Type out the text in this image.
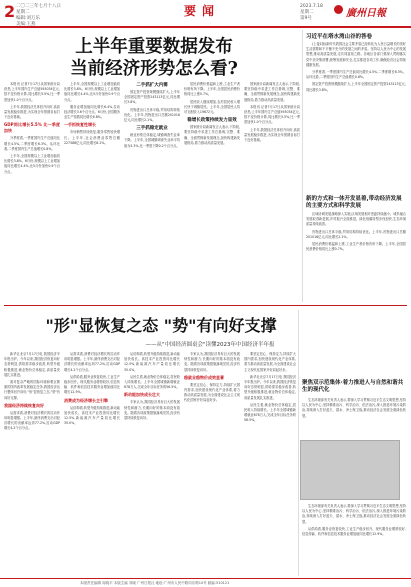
2 二〇二三年七月十八日
星期二
编辑:刘万乐
美编:王燕
要闻	2023.7.18
星期二
第9号	廣州日報
上半年重要数据发布
当前经济形势怎么看?

本报讯 记者7月17日从国家统计局获悉,上半年国内生产总值593034亿元,按不变价格计算,同比增长5.5%,比一季度加快1.0个百分点。

上半年,我国经济总体回升向好,高质量发展稳步推进,为实现全年预期目标打下良好基础。

GDP同比增长5.5% 比一季度加快

分季度看,一季度国内生产总值同比增长4.5%,二季度增长6.3%。从环比看,二季度国内生产总值增长0.8%。

上半年,全国规模以上工业增加值同比增长3.8%。6月份,规模以上工业增加值同比增长4.4%,比5月份加快0.9个百分点。

上半年,全国规模以上工业增加值同比增长3.8%。6月份,规模以上工业增加值同比增长4.4%,比5月份加快0.9个百分点。

服务业增加值同比增长6.4%,拉动经济增长3.6个百分点。6月份,全国服务业生产指数同比增长6.8%。

一手抓恢复性增长

市场销售持续恢复,服务零售较快增长。上半年,社会消费品零售总额227588亿元,同比增长8.2%。

二手抓扩大内需

固定资产投资规模继续扩大,上半年全国固定资产投资243113亿元,同比增长3.8%。

货物进出口总体平稳,贸易结构持续优化。上半年,货物进出口总额201016亿元,同比增长2.1%。

三手抓稳定就业

就业形势总体稳定,城镇调查失业率下降。上半年,全国城镇调查失业率平均值为5.3%,比一季度下降0.2个百分点。

居民消费价格温和上涨,工业生产者价格有所下降。上半年,全国居民消费价格同比上涨0.7%。

居民收入继续增加,农村居民收入增长快于城镇居民。上半年,全国居民人均可支配收入19672元。

稳增长政策持续发力显效

国家统计局新闻发言人表示,下阶段,要坚持稳中求进工作总基调,完整、准确、全面贯彻新发展理念,加快构建新发展格局,着力推动高质量发展。

国家统计局新闻发言人表示,下阶段,要坚持稳中求进工作总基调,完整、准确、全面贯彻新发展理念,加快构建新发展格局,着力推动高质量发展。

本报讯 记者7月17日从国家统计局获悉,上半年国内生产总值593034亿元,按不变价格计算,同比增长5.5%,比一季度加快1.0个百分点。

上半年,我国经济总体回升向好,高质量发展稳步推进,为实现全年预期目标打下良好基础。

习近平在塔水湾山谷的答卷

(上接1版)新时代我国社会主要矛盾已经转化为人民日益增长的美好生活需要和不平衡不充分的发展之间的矛盾。坚持以人民为中心的发展思想,推动高质量发展,走共同富裕之路。各地区各部门要深入贯彻落实党中央决策部署,统筹发展和安全,扎实推进各项工作,确保经济社会持续健康发展。

分季度看,一季度国内生产总值同比增长4.5%,二季度增长6.3%。从环比看,二季度国内生产总值增长0.8%。

固定资产投资规模继续扩大,上半年全国固定资产投资243113亿元,同比增长3.8%。

新的方式和一体开发显着,带动经济发展的主要方式和科学发展

区域协调发展战略深入实施,区域发展相对差距持续缩小。城乡融合发展取得新进展,乡村振兴全面推进。绿色低碳转型步伐加快,生态环境质量持续改善。

货物进出口总体平稳,贸易结构持续优化。上半年,货物进出口总额201016亿元,同比增长2.1%。

居民消费价格温和上涨,工业生产者价格有所下降。上半年,全国居民消费价格同比上涨0.7%。

"形"显恢复之态 "势"有向好支撑
——从"中国经济圆桌会"读懂2023年中国经济半年报

新华社北京7月17日电 我国经济半年报出炉。今年以来,我国经济恢复向好态势明显,供给需求稳步改善,转型升级积极推进,就业物价总体稳定,高质量发展扎实推进。

面对复杂严峻的国际环境和艰巨繁重的国内改革发展稳定任务,我国经济运行整体回升向好,"形"显恢复之态,"势"有向好支撑。

我国经济持续恢复向好

从需求看,消费对经济增长的拉动作用明显增强。上半年,最终消费支出对经济增长的贡献率达到77.2%,拉动GDP增长4.2个百分点。

从需求看,消费对经济增长的拉动作用明显增强。上半年,最终消费支出对经济增长的贡献率达到77.2%,拉动GDP增长4.2个百分点。

从供给看,服务业恢复较快,工业生产稳步回升。现代服务业增势较好,信息传输、软件和信息技术服务业增加值同比增长12.9%。

消费成为经济增长主引擎

从结构看,转型升级持续推进,新动能加快成长。高技术产业投资同比增长12.5%,新能源汽车产量同比增长35.0%。

从结构看,转型升级持续推进,新动能加快成长。高技术产业投资同比增长12.5%,新能源汽车产量同比增长35.0%。

从民生看,就业物价总体稳定,居民收入持续增长。上半年全国城镇新增就业678万人,完成全年目标任务的56.5%。

新动能加快成长壮大

专家认为,我国经济具有巨大的发展韧性和潜力,长期向好的基本面没有改变。随着各项政策措施落地见效,经济有望持续恢复向好。

专家认为,我国经济具有巨大的发展韧性和潜力,长期向好的基本面没有改变。随着各项政策措施落地见效,经济有望持续恢复向好。

稳就业稳物价成效显著

要坚定信心、保持定力,持续扩大国内需求,加快建设现代化产业体系,着力推动高质量发展,为全面建设社会主义现代化国家开好局起好步。

要坚定信心、保持定力,持续扩大国内需求,加快建设现代化产业体系,着力推动高质量发展,为全面建设社会主义现代化国家开好局起好步。

新华社北京7月17日电 我国经济半年报出炉。今年以来,我国经济恢复向好态势明显,供给需求稳步改善,转型升级积极推进,就业物价总体稳定,高质量发展扎实推进。

从民生看,就业物价总体稳定,居民收入持续增长。上半年全国城镇新增就业678万人,完成全年目标任务的56.5%。

聚焦双示范集体·着力推进人与自然和谐共生的现代化

生态环境部有关负责人表示,要深入学习贯彻习近平生态文明思想,坚持以人民为中心,坚持精准治污、科学治污、依法治污,深入推进环境污染防治,持续深入打好蓝天、碧水、净土保卫战,推动经济社会发展全面绿色转型。

生态环境部有关负责人表示,要深入学习贯彻习近平生态文明思想,坚持以人民为中心,坚持精准治污、科学治污、依法治污,深入推进环境污染防治,持续深入打好蓝天、碧水、净土保卫战,推动经济社会发展全面绿色转型。

从供给看,服务业恢复较快,工业生产稳步回升。现代服务业增势较好,信息传输、软件和信息技术服务业增加值同比增长12.9%。

本版责任编辑 周晓平 本版主编 刘晓 广州日报社 地址:广州市人民中路同乐路10号 邮编:510121
